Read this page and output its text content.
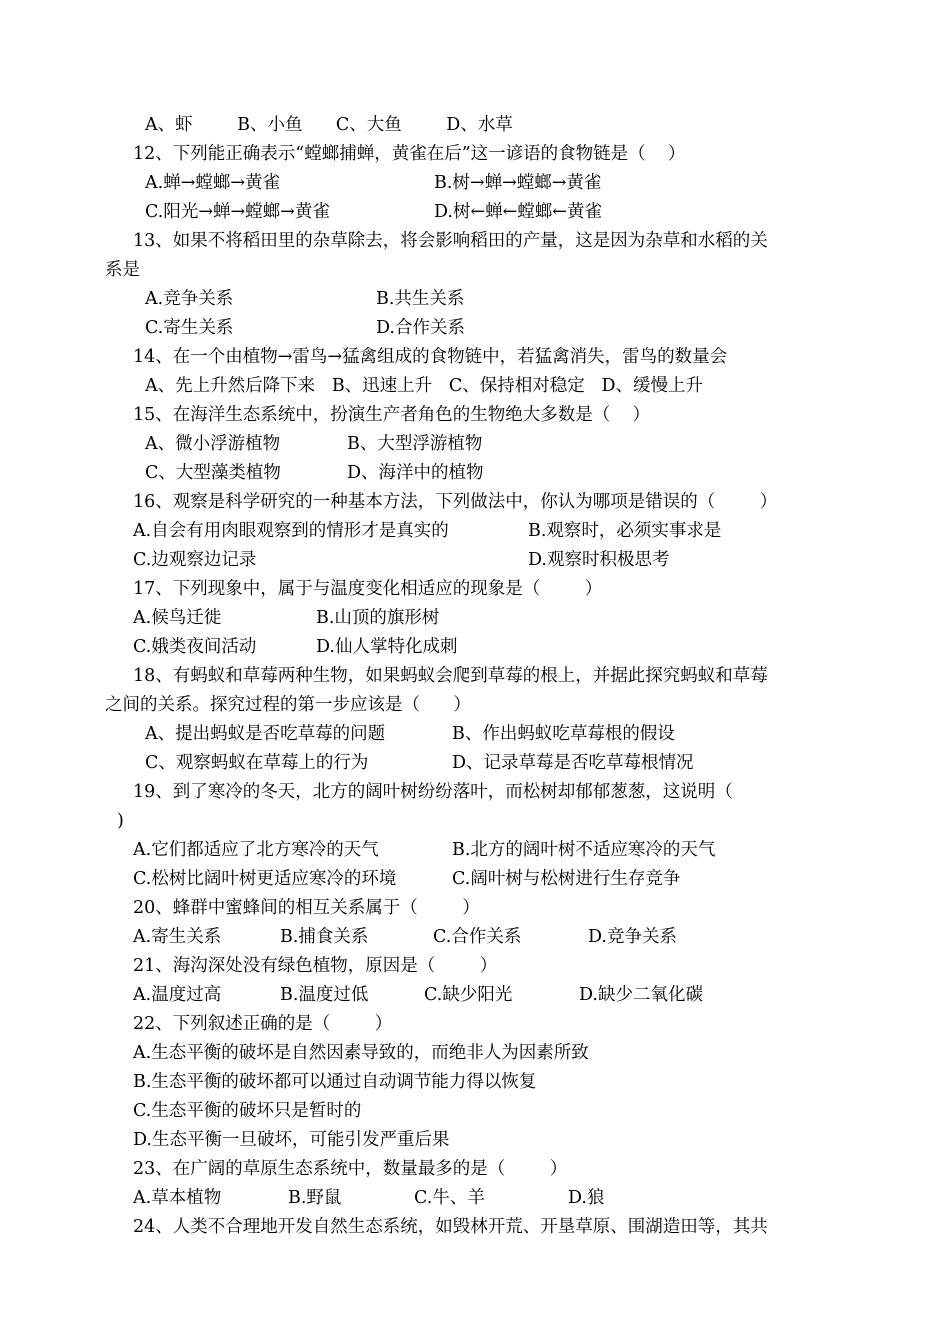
A、虾        B、小鱼      C、大鱼        D、水草
12、下列能正确表示“螳螂捕蝉，黄雀在后”这一谚语的食物链是（    ）
A.蝉→螳螂→黄雀	B.树→蝉→螳螂→黄雀
C.阳光→蝉→螳螂→黄雀	D.树←蝉←螳螂←黄雀
13、如果不将稻田里的杂草除去，将会影响稻田的产量，这是因为杂草和水稻的关
系是
A.竞争关系	B.共生关系
C.寄生关系	D.合作关系
14、在一个由植物→雷鸟→猛禽组成的食物链中，若猛禽消失，雷鸟的数量会
A、先上升然后降下来   B、迅速上升   C、保持相对稳定   D、缓慢上升
15、在海洋生态系统中，扮演生产者角色的生物绝大多数是（    ）
A、微小浮游植物	B、大型浮游植物
C、大型藻类植物	D、海洋中的植物
16、观察是科学研究的一种基本方法，下列做法中，你认为哪项是错误的（        ）
A.自会有用肉眼观察到的情形才是真实的	B.观察时，必须实事求是
C.边观察边记录	D.观察时积极思考
17、下列现象中，属于与温度变化相适应的现象是（        ）
A.候鸟迁徙	B.山顶的旗形树
C.娥类夜间活动	D.仙人掌特化成刺
18、有蚂蚁和草莓两种生物，如果蚂蚁会爬到草莓的根上，并据此探究蚂蚁和草莓
之间的关系。探究过程的第一步应该是（      ）
A、提出蚂蚁是否吃草莓的问题	B、作出蚂蚁吃草莓根的假设
C、观察蚂蚁在草莓上的行为	D、记录草莓是否吃草莓根情况
19、到了寒冷的冬天，北方的阔叶树纷纷落叶，而松树却郁郁葱葱，这说明（
)
A.它们都适应了北方寒冷的天气	B.北方的阔叶树不适应寒冷的天气
C.松树比阔叶树更适应寒冷的环境	C.阔叶树与松树进行生存竞争
20、蜂群中蜜蜂间的相互关系属于（        ）
A.寄生关系	B.捕食关系	C.合作关系	D.竞争关系
21、海沟深处没有绿色植物，原因是（        ）
A.温度过高	B.温度过低	C.缺少阳光	D.缺少二氧化碳
22、下列叙述正确的是（        ）
A.生态平衡的破坏是自然因素导致的，而绝非人为因素所致
B.生态平衡的破坏都可以通过自动调节能力得以恢复
C.生态平衡的破坏只是暂时的
D.生态平衡一旦破坏，可能引发严重后果
23、在广阔的草原生态系统中，数量最多的是（        ）
A.草本植物	B.野鼠	C.牛、羊	D.狼
24、人类不合理地开发自然生态系统，如毁林开荒、开垦草原、围湖造田等，其共
